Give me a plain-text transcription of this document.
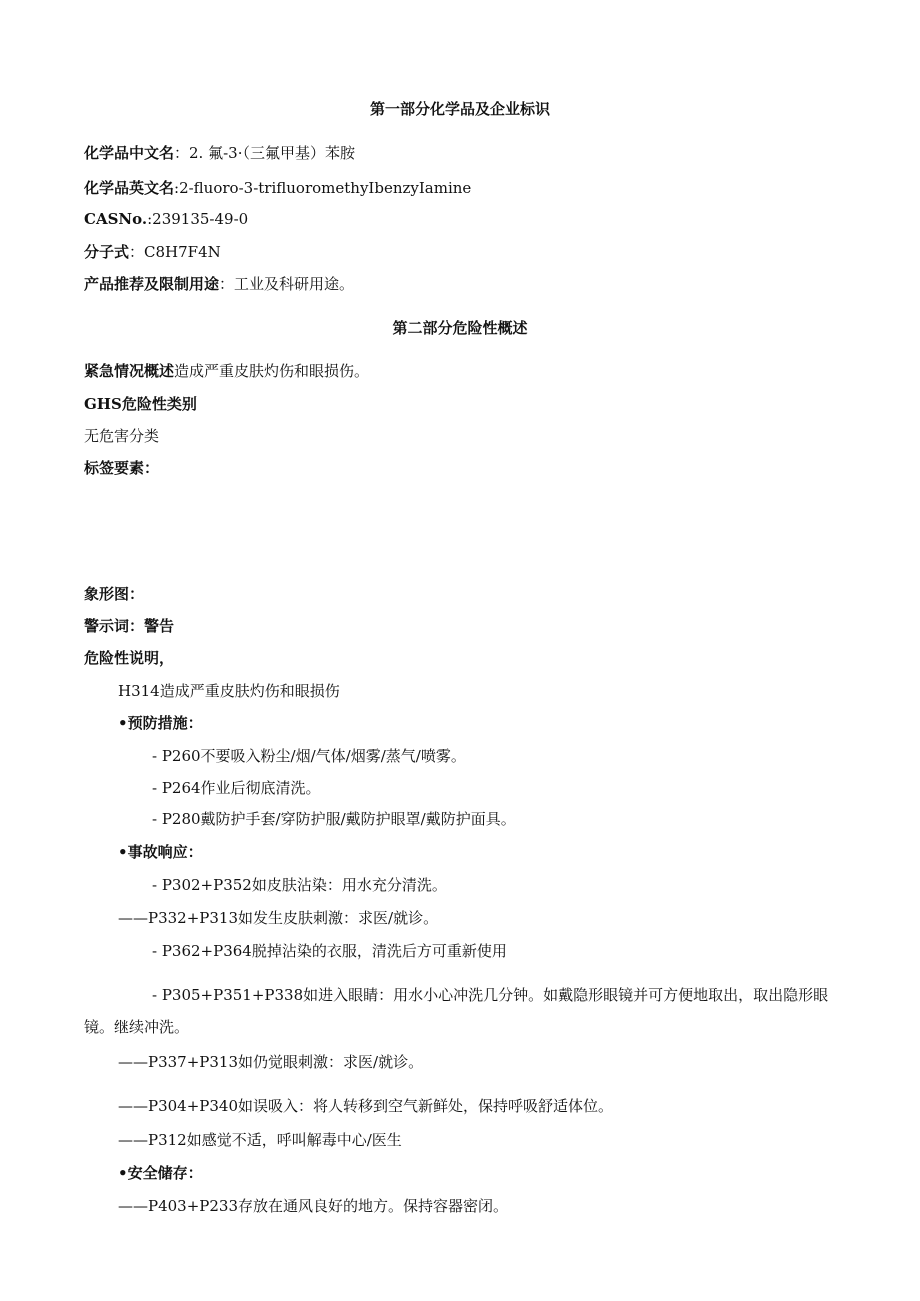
第一部分化学品及企业标识
化学品中文名：2. 氟-3·（三氟甲基）苯胺
化学品英文名:2-fluoro-3-trifluoromethyIbenzyIamine
CASNo.:239135-49-0
分子式：C8H7F4N
产品推荐及限制用途：工业及科研用途。
第二部分危险性概述
紧急情况概述造成严重皮肤灼伤和眼损伤。
GHS危险性类别
无危害分类
标签要素：
象形图：
警示词：警告
危险性说明，
H314造成严重皮肤灼伤和眼损伤
•预防措施：
- P260不要吸入粉尘/烟/气体/烟雾/蒸气/喷雾。
- P264作业后彻底清洗。
- P280戴防护手套/穿防护服/戴防护眼罩/戴防护面具。
•事故响应：
- P302+P352如皮肤沾染：用水充分清洗。
——P332+P313如发生皮肤刺激：求医/就诊。
- P362+P364脱掉沾染的衣服，清洗后方可重新使用
- P305+P351+P338如进入眼睛：用水小心冲洗几分钟。如戴隐形眼镜并可方便地取出，取出隐形眼
镜。继续冲洗。
——P337+P313如仍觉眼刺激：求医/就诊。
——P304+P340如误吸入：将人转移到空气新鲜处，保持呼吸舒适体位。
——P312如感觉不适，呼叫解毒中心/医生
•安全储存：
——P403+P233存放在通风良好的地方。保持容器密闭。
